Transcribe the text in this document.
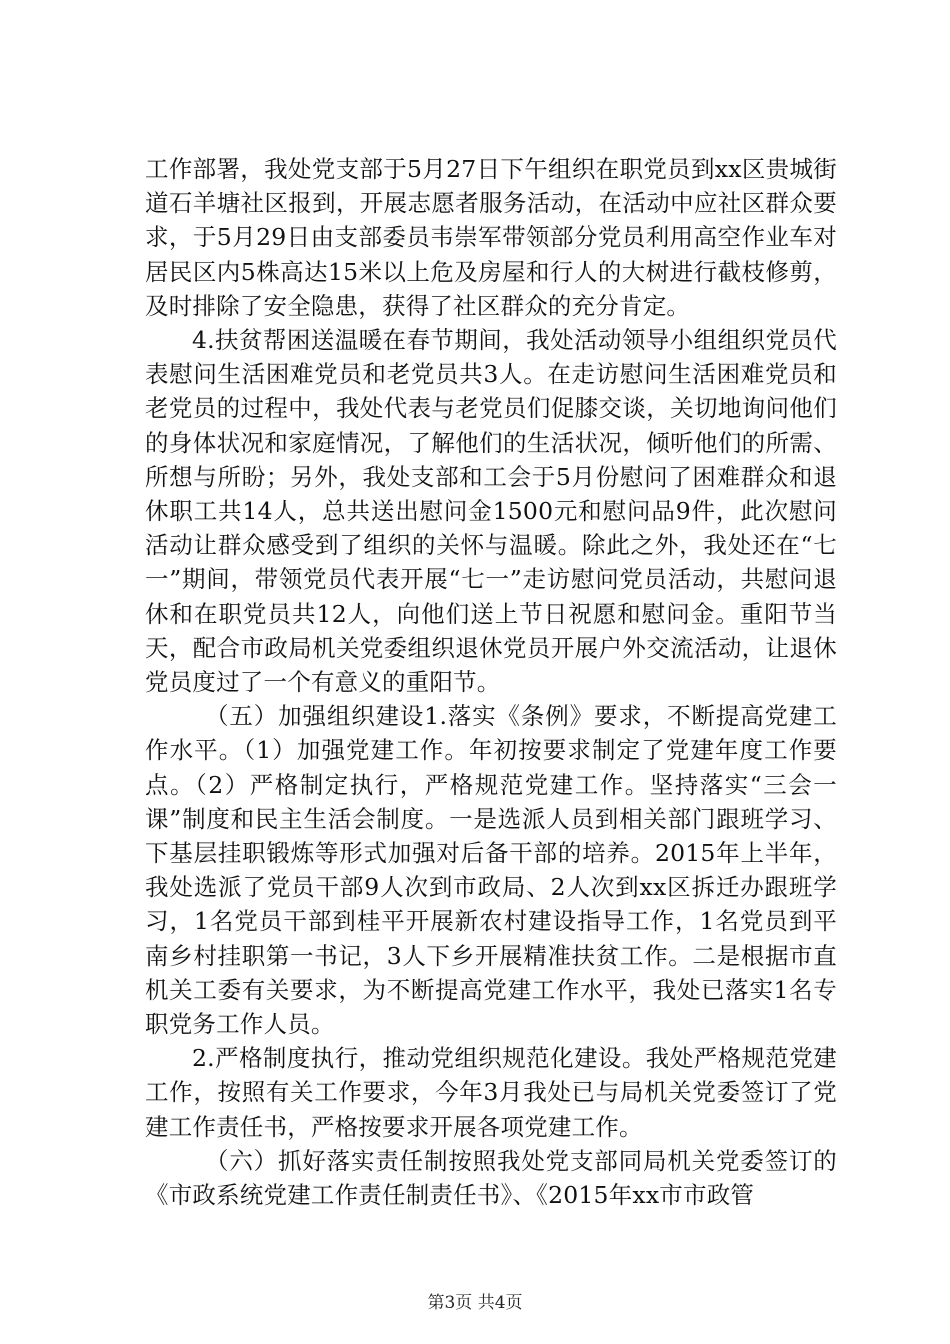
工作部署，我处党支部于5月27日下午组织在职党员到xx区贵城街道石羊塘社区报到，开展志愿者服务活动，在活动中应社区群众要求，于5月29日由支部委员韦崇军带领部分党员利用高空作业车对居民区内5株高达15米以上危及房屋和行人的大树进行截枝修剪，及时排除了安全隐患，获得了社区群众的充分肯定。

4.扶贫帮困送温暖在春节期间，我处活动领导小组组织党员代表慰问生活困难党员和老党员共3人。在走访慰问生活困难党员和老党员的过程中，我处代表与老党员们促膝交谈，关切地询问他们的身体状况和家庭情况，了解他们的生活状况，倾听他们的所需、所想与所盼；另外，我处支部和工会于5月份慰问了困难群众和退休职工共14人，总共送出慰问金1500元和慰问品9件，此次慰问活动让群众感受到了组织的关怀与温暖。除此之外，我处还在“七一”期间，带领党员代表开展“七一”走访慰问党员活动，共慰问退休和在职党员共12人，向他们送上节日祝愿和慰问金。重阳节当天，配合市政局机关党委组织退休党员开展户外交流活动，让退休党员度过了一个有意义的重阳节。

（五）加强组织建设1.落实《条例》要求，不断提高党建工作水平。（1）加强党建工作。年初按要求制定了党建年度工作要点。（2）严格制定执行，严格规范党建工作。坚持落实“三会一课”制度和民主生活会制度。一是选派人员到相关部门跟班学习、下基层挂职锻炼等形式加强对后备干部的培养。2015年上半年，我处选派了党员干部9人次到市政局、2人次到xx区拆迁办跟班学习，1名党员干部到桂平开展新农村建设指导工作，1名党员到平南乡村挂职第一书记，3人下乡开展精准扶贫工作。二是根据市直机关工委有关要求，为不断提高党建工作水平，我处已落实1名专职党务工作人员。

2.严格制度执行，推动党组织规范化建设。我处严格规范党建工作，按照有关工作要求，今年3月我处已与局机关党委签订了党建工作责任书，严格按要求开展各项党建工作。

（六）抓好落实责任制按照我处党支部同局机关党委签订的《市政系统党建工作责任制责任书》、《2015年xx市市政管

第3页 共4页
